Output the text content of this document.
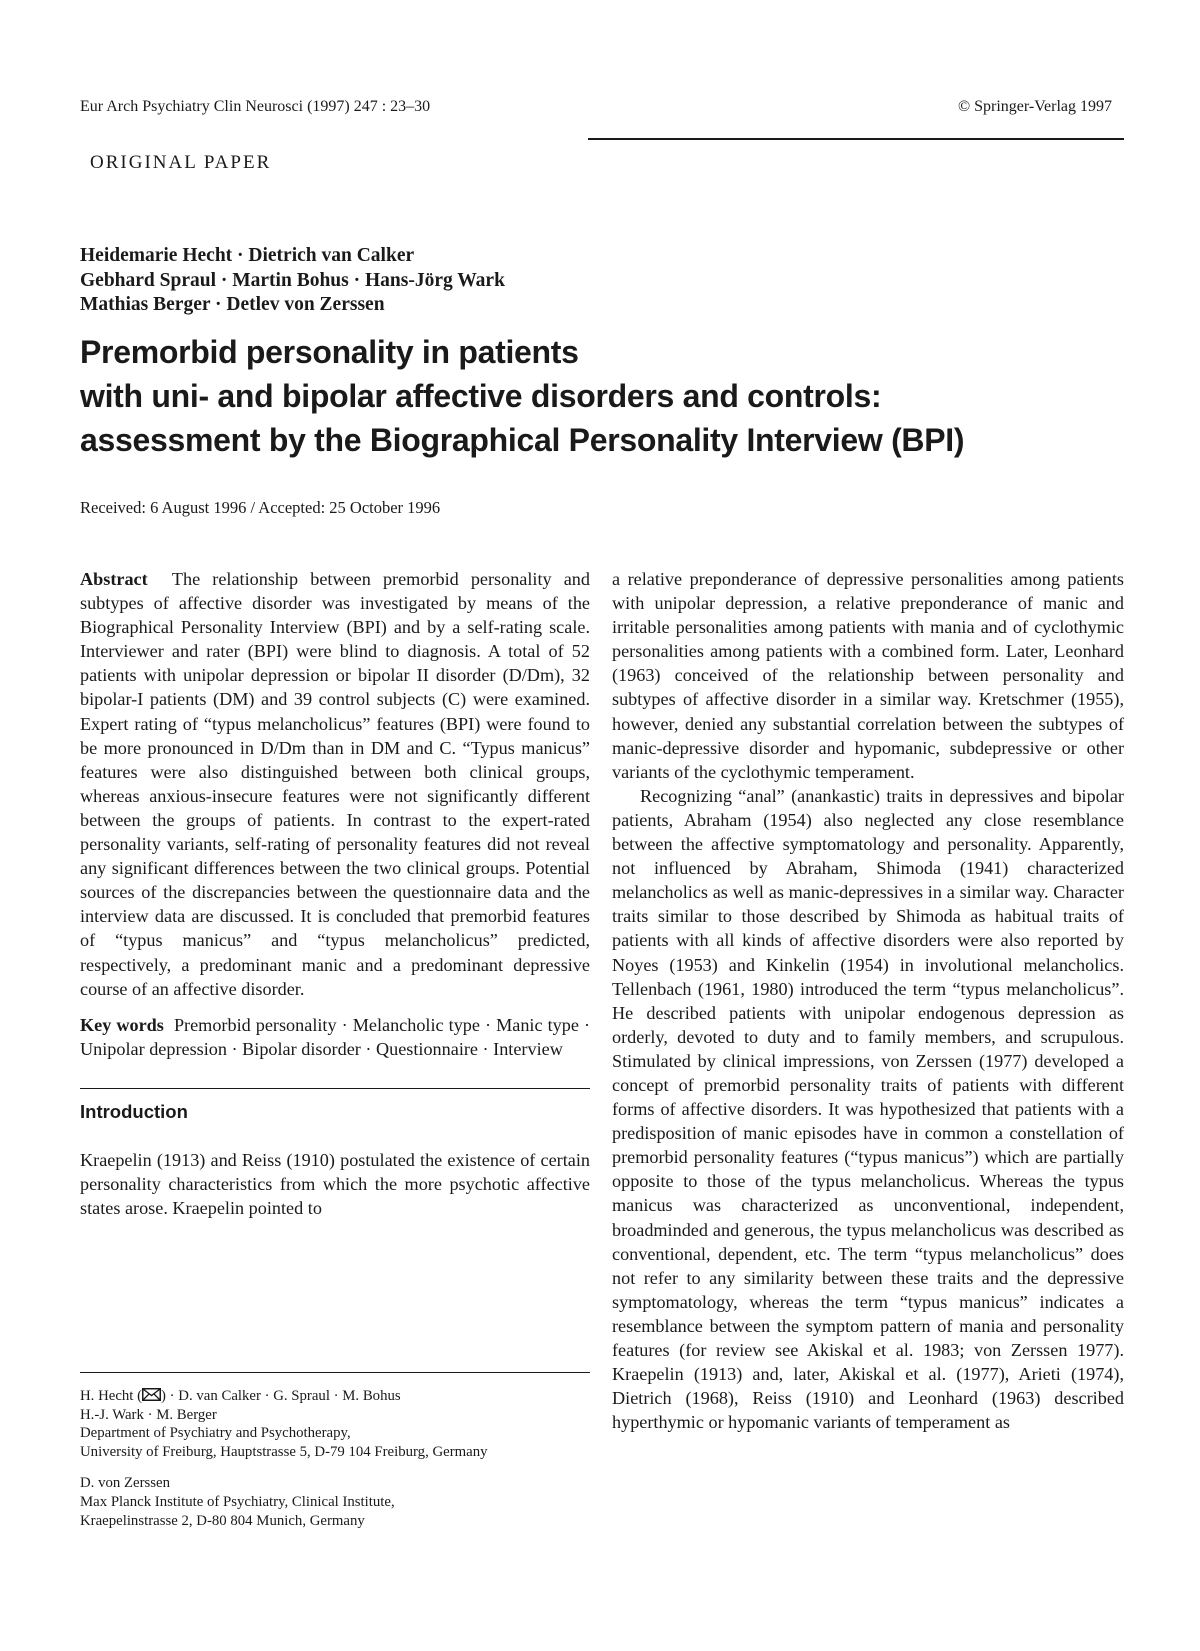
Eur Arch Psychiatry Clin Neurosci (1997) 247 : 23–30	© Springer-Verlag 1997
ORIGINAL PAPER
Heidemarie Hecht · Dietrich van Calker
Gebhard Spraul · Martin Bohus · Hans-Jörg Wark
Mathias Berger · Detlev von Zerssen
Premorbid personality in patients
with uni- and bipolar affective disorders and controls:
assessment by the Biographical Personality Interview (BPI)
Received: 6 August 1996 / Accepted: 25 October 1996

Abstract The relationship between premorbid personality and subtypes of affective disorder was investigated by means of the Biographical Personality Interview (BPI) and by a self-rating scale. Interviewer and rater (BPI) were blind to diagnosis. A total of 52 patients with unipolar depression or bipolar II disorder (D/Dm), 32 bipolar-I patients (DM) and 39 control subjects (C) were examined. Expert rating of “typus melancholicus” features (BPI) were found to be more pronounced in D/Dm than in DM and C. “Typus manicus” features were also distinguished between both clinical groups, whereas anxious-insecure features were not significantly different between the groups of patients. In contrast to the expert-rated personality variants, self-rating of personality features did not reveal any significant differences between the two clinical groups. Potential sources of the discrepancies between the questionnaire data and the interview data are discussed. It is concluded that premorbid features of “typus manicus” and “typus melancholicus” predicted, respectively, a predominant manic and a predominant depressive course of an affective disorder.

Key words Premorbid personality · Melancholic type · Manic type · Unipolar depression · Bipolar disorder · Questionnaire · Interview

Introduction

Kraepelin (1913) and Reiss (1910) postulated the existence of certain personality characteristics from which the more psychotic affective states arose. Kraepelin pointed to

a relative preponderance of depressive personalities among patients with unipolar depression, a relative preponderance of manic and irritable personalities among patients with mania and of cyclothymic personalities among patients with a combined form. Later, Leonhard (1963) conceived of the relationship between personality and subtypes of affective disorder in a similar way. Kretschmer (1955), however, denied any substantial correlation between the subtypes of manic-depressive disorder and hypomanic, subdepressive or other variants of the cyclothymic temperament.

Recognizing “anal” (anankastic) traits in depressives and bipolar patients, Abraham (1954) also neglected any close resemblance between the affective symptomatology and personality. Apparently, not influenced by Abraham, Shimoda (1941) characterized melancholics as well as manic-depressives in a similar way. Character traits similar to those described by Shimoda as habitual traits of patients with all kinds of affective disorders were also reported by Noyes (1953) and Kinkelin (1954) in involutional melancholics. Tellenbach (1961, 1980) introduced the term “typus melancholicus”. He described patients with unipolar endogenous depression as orderly, devoted to duty and to family members, and scrupulous. Stimulated by clinical impressions, von Zerssen (1977) developed a concept of premorbid personality traits of patients with different forms of affective disorders. It was hypothesized that patients with a predisposition of manic episodes have in common a constellation of premorbid personality features (“typus manicus”) which are partially opposite to those of the typus melancholicus. Whereas the typus manicus was characterized as unconventional, independent, broadminded and generous, the typus melancholicus was described as conventional, dependent, etc. The term “typus melancholicus” does not refer to any similarity between these traits and the depressive symptomatology, whereas the term “typus manicus” indicates a resemblance between the symptom pattern of mania and personality features (for review see Akiskal et al. 1983; von Zerssen 1977). Kraepelin (1913) and, later, Akiskal et al. (1977), Arieti (1974), Dietrich (1968), Reiss (1910) and Leonhard (1963) described hyperthymic or hypomanic variants of temperament as

H. Hecht ( ) · D. van Calker · G. Spraul · M. Bohus
H.-J. Wark · M. Berger
Department of Psychiatry and Psychotherapy,
University of Freiburg, Hauptstrasse 5, D-79 104 Freiburg, Germany
D. von Zerssen
Max Planck Institute of Psychiatry, Clinical Institute,
Kraepelinstrasse 2, D-80 804 Munich, Germany
